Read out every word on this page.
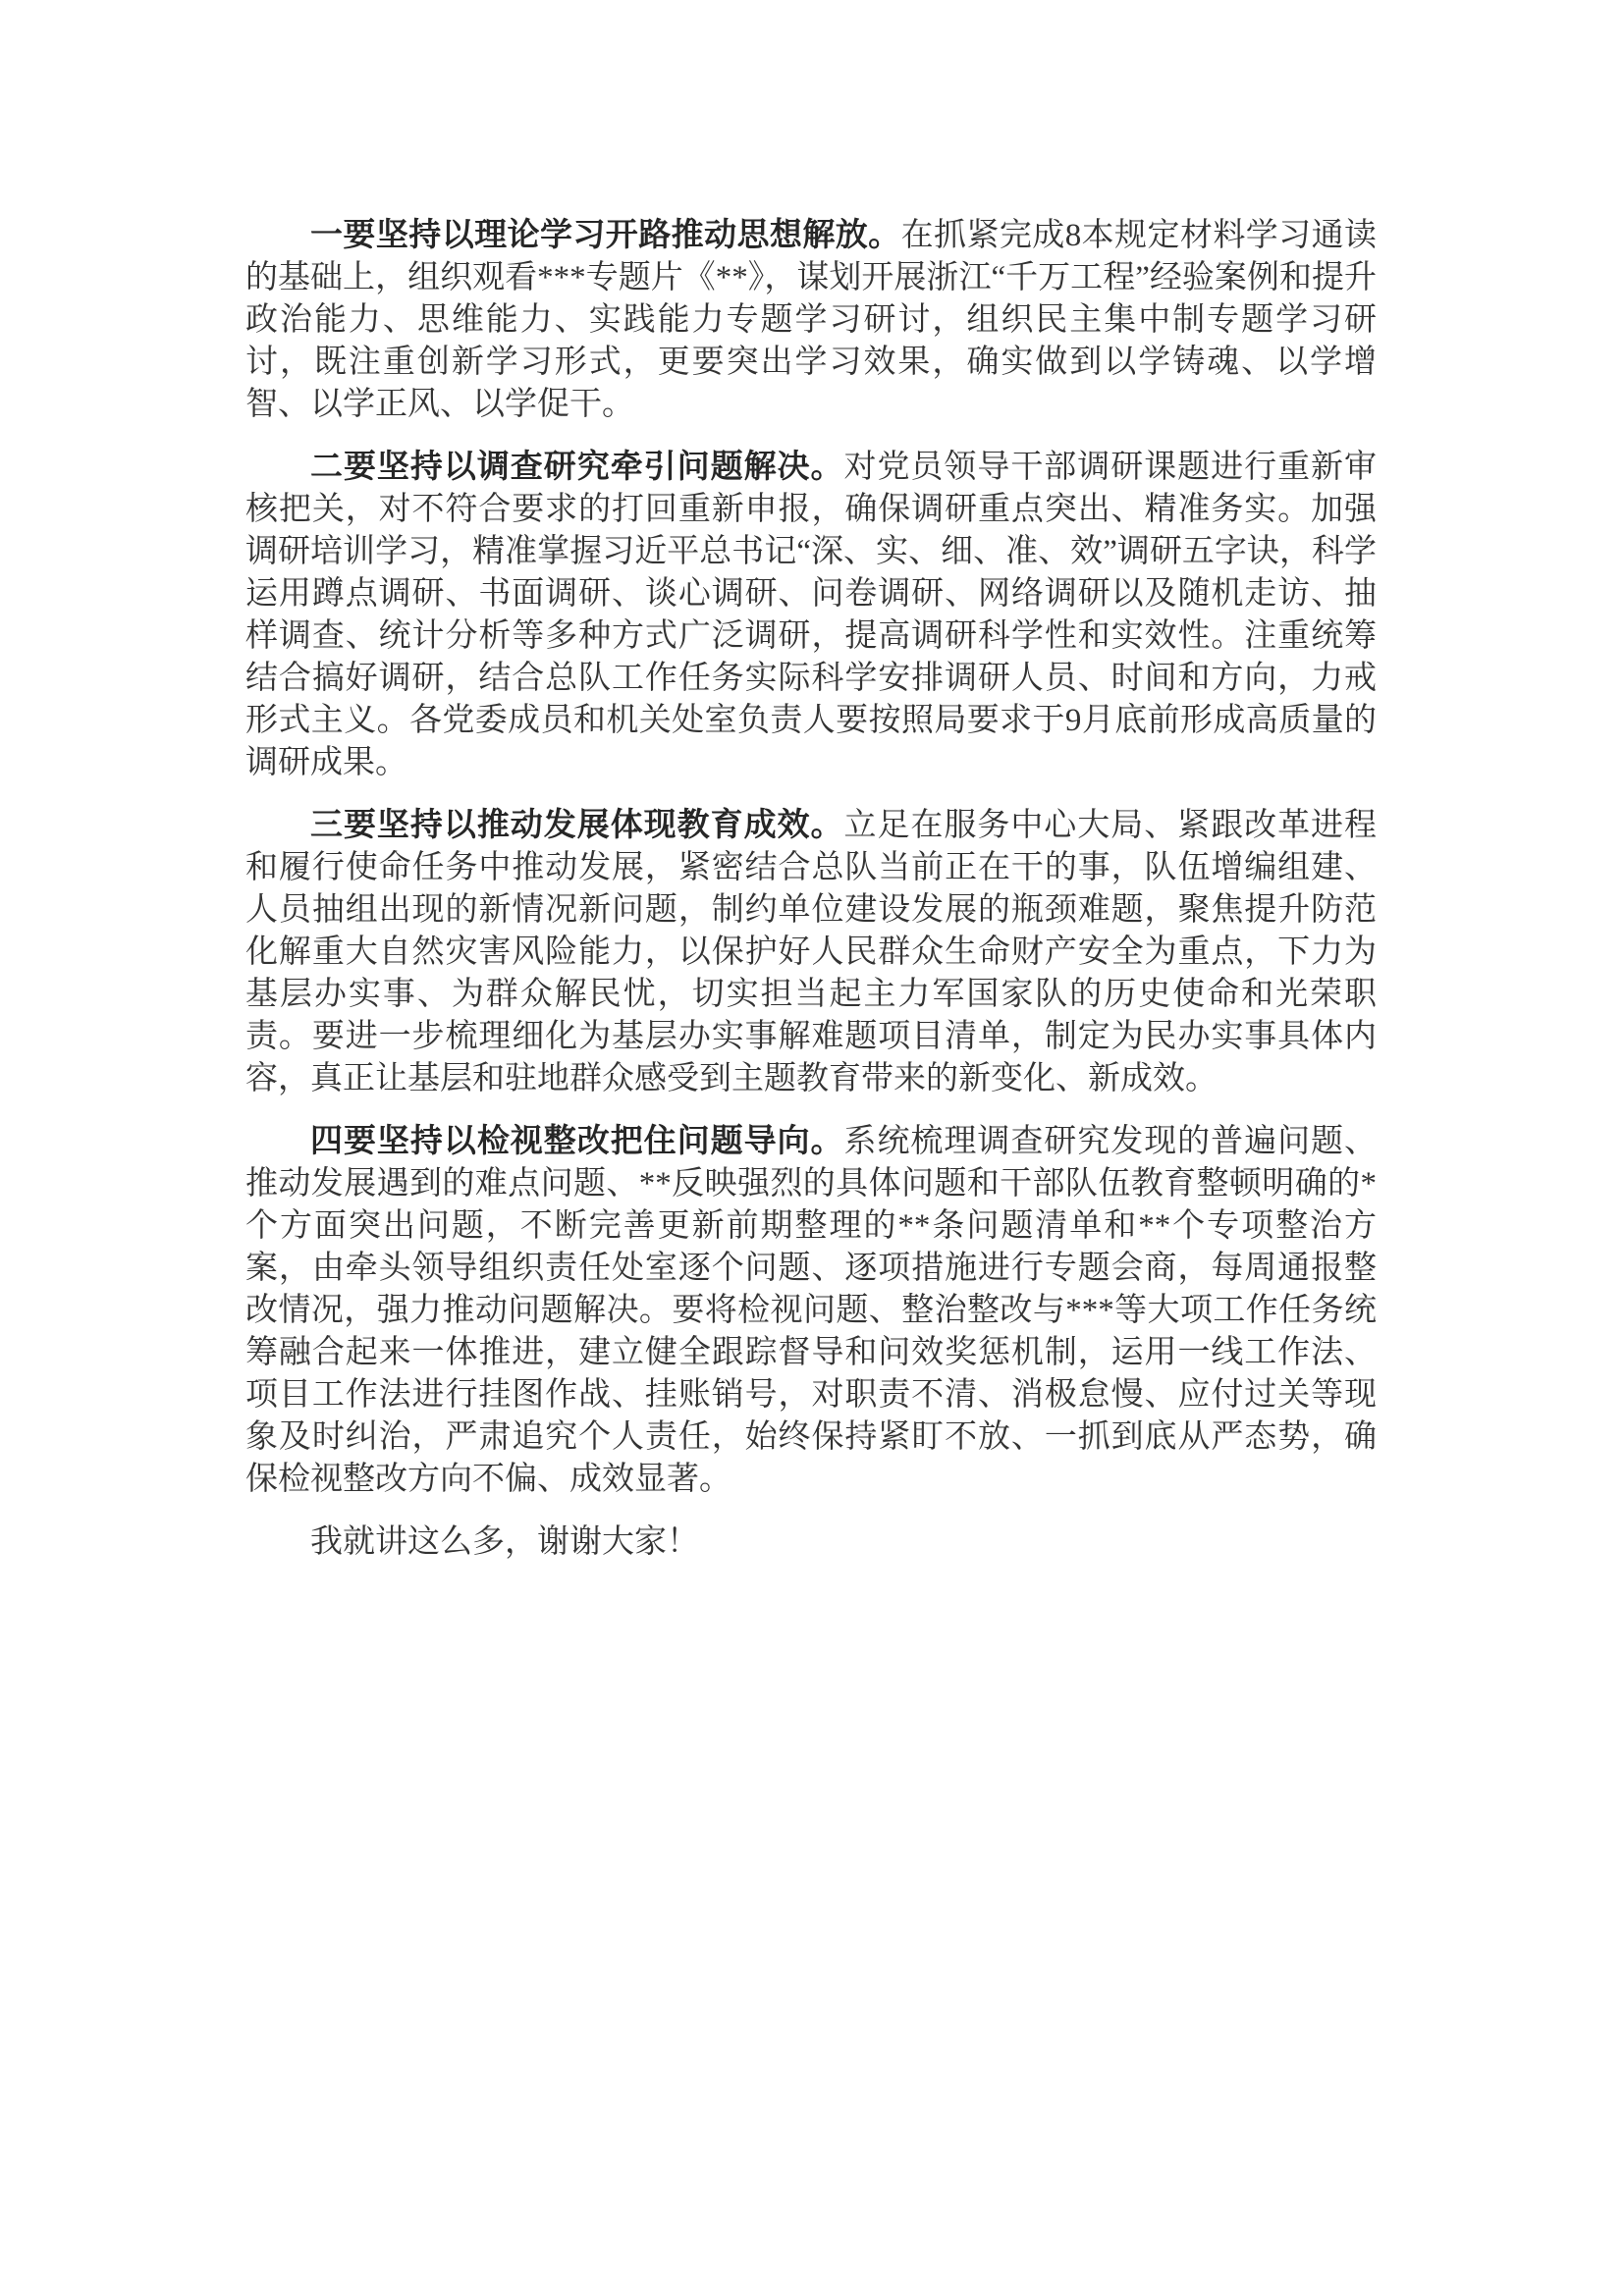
一要坚持以理论学习开路推动思想解放。在抓紧完成8本规定材料学习通读的基础上，组织观看***专题片《**》，谋划开展浙江“千万工程”经验案例和提升政治能力、思维能力、实践能力专题学习研讨，组织民主集中制专题学习研讨，既注重创新学习形式，更要突出学习效果，确实做到以学铸魂、以学增智、以学正风、以学促干。

二要坚持以调查研究牵引问题解决。对党员领导干部调研课题进行重新审核把关，对不符合要求的打回重新申报，确保调研重点突出、精准务实。加强调研培训学习，精准掌握习近平总书记“深、实、细、准、效”调研五字诀，科学运用蹲点调研、书面调研、谈心调研、问卷调研、网络调研以及随机走访、抽样调查、统计分析等多种方式广泛调研，提高调研科学性和实效性。注重统筹结合搞好调研，结合总队工作任务实际科学安排调研人员、时间和方向，力戒形式主义。各党委成员和机关处室负责人要按照局要求于9月底前形成高质量的调研成果。

三要坚持以推动发展体现教育成效。立足在服务中心大局、紧跟改革进程和履行使命任务中推动发展，紧密结合总队当前正在干的事，队伍增编组建、人员抽组出现的新情况新问题，制约单位建设发展的瓶颈难题，聚焦提升防范化解重大自然灾害风险能力，以保护好人民群众生命财产安全为重点，下力为基层办实事、为群众解民忧，切实担当起主力军国家队的历史使命和光荣职责。要进一步梳理细化为基层办实事解难题项目清单，制定为民办实事具体内容，真正让基层和驻地群众感受到主题教育带来的新变化、新成效。

四要坚持以检视整改把住问题导向。系统梳理调查研究发现的普遍问题、推动发展遇到的难点问题、**反映强烈的具体问题和干部队伍教育整顿明确的*个方面突出问题，不断完善更新前期整理的**条问题清单和**个专项整治方案，由牵头领导组织责任处室逐个问题、逐项措施进行专题会商，每周通报整改情况，强力推动问题解决。要将检视问题、整治整改与***等大项工作任务统筹融合起来一体推进，建立健全跟踪督导和问效奖惩机制，运用一线工作法、项目工作法进行挂图作战、挂账销号，对职责不清、消极怠慢、应付过关等现象及时纠治，严肃追究个人责任，始终保持紧盯不放、一抓到底从严态势，确保检视整改方向不偏、成效显著。

我就讲这么多，谢谢大家！
